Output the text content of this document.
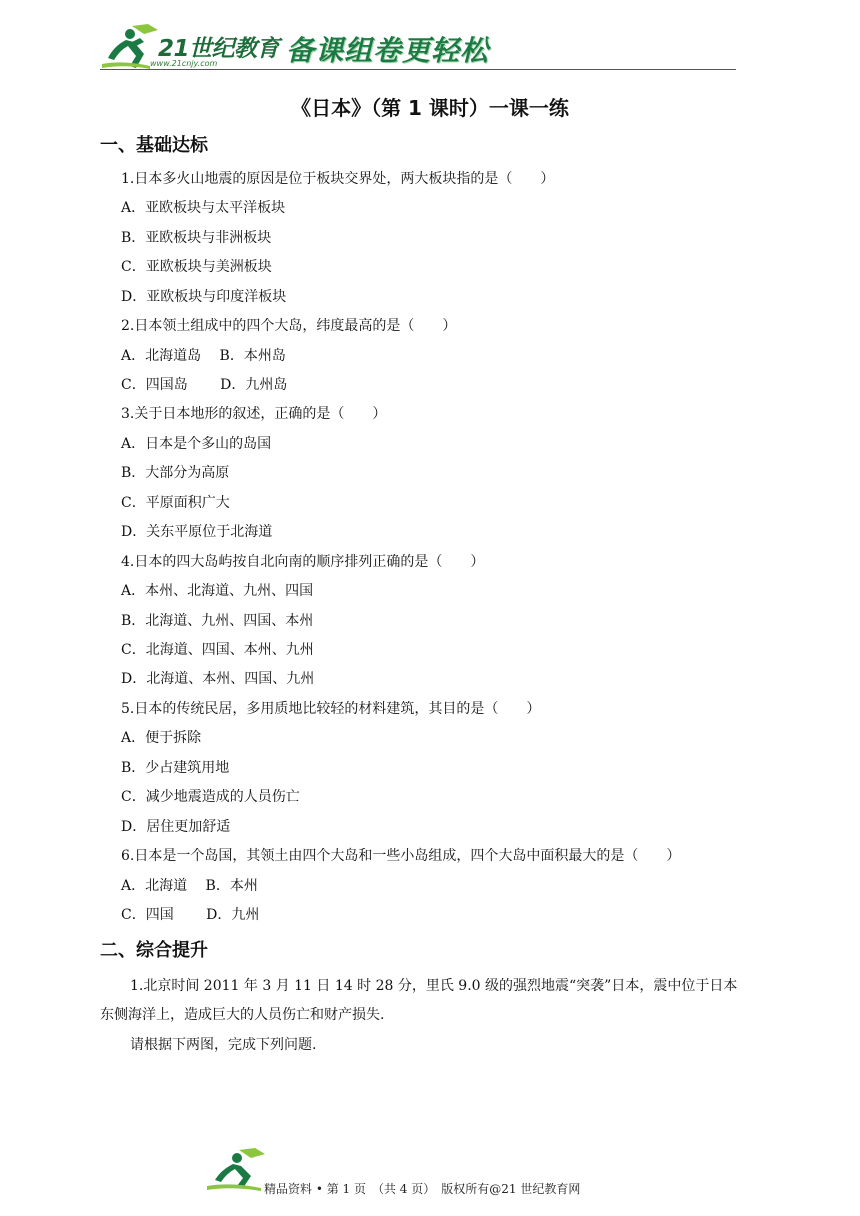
21世纪教育
www.21cnjy.com 备课组卷更轻松
《日本》（第 1 课时）一课一练
一、基础达标
1.日本多火山地震的原因是位于板块交界处，两大板块指的是（　　）
A．亚欧板块与太平洋板块
B．亚欧板块与非洲板块
C．亚欧板块与美洲板块
D．亚欧板块与印度洋板块
2.日本领土组成中的四个大岛，纬度最高的是（　　）
A．北海道岛　 B．本州岛
C．四国岛　　 D．九州岛
3.关于日本地形的叙述，正确的是（　　）
A．日本是个多山的岛国
B．大部分为高原
C．平原面积广大
D．关东平原位于北海道
4.日本的四大岛屿按自北向南的顺序排列正确的是（　　）
A．本州、北海道、九州、四国
B．北海道、九州、四国、本州
C．北海道、四国、本州、九州
D．北海道、本州、四国、九州
5.日本的传统民居，多用质地比较轻的材料建筑，其目的是（　　）
A．便于拆除
B．少占建筑用地
C．减少地震造成的人员伤亡
D．居住更加舒适
6.日本是一个岛国，其领土由四个大岛和一些小岛组成，四个大岛中面积最大的是（　　）
A．北海道　 B．本州
C．四国　　 D．九州
二、综合提升
1.北京时间 2011 年 3 月 11 日 14 时 28 分，里氏 9.0 级的强烈地震“突袭”日本，震中位于日本
东侧海洋上，造成巨大的人员伤亡和财产损失.
请根据下两图，完成下列问题.
精品资料 • 第 1 页　（共 4 页）　版权所有@21 世纪教育网
